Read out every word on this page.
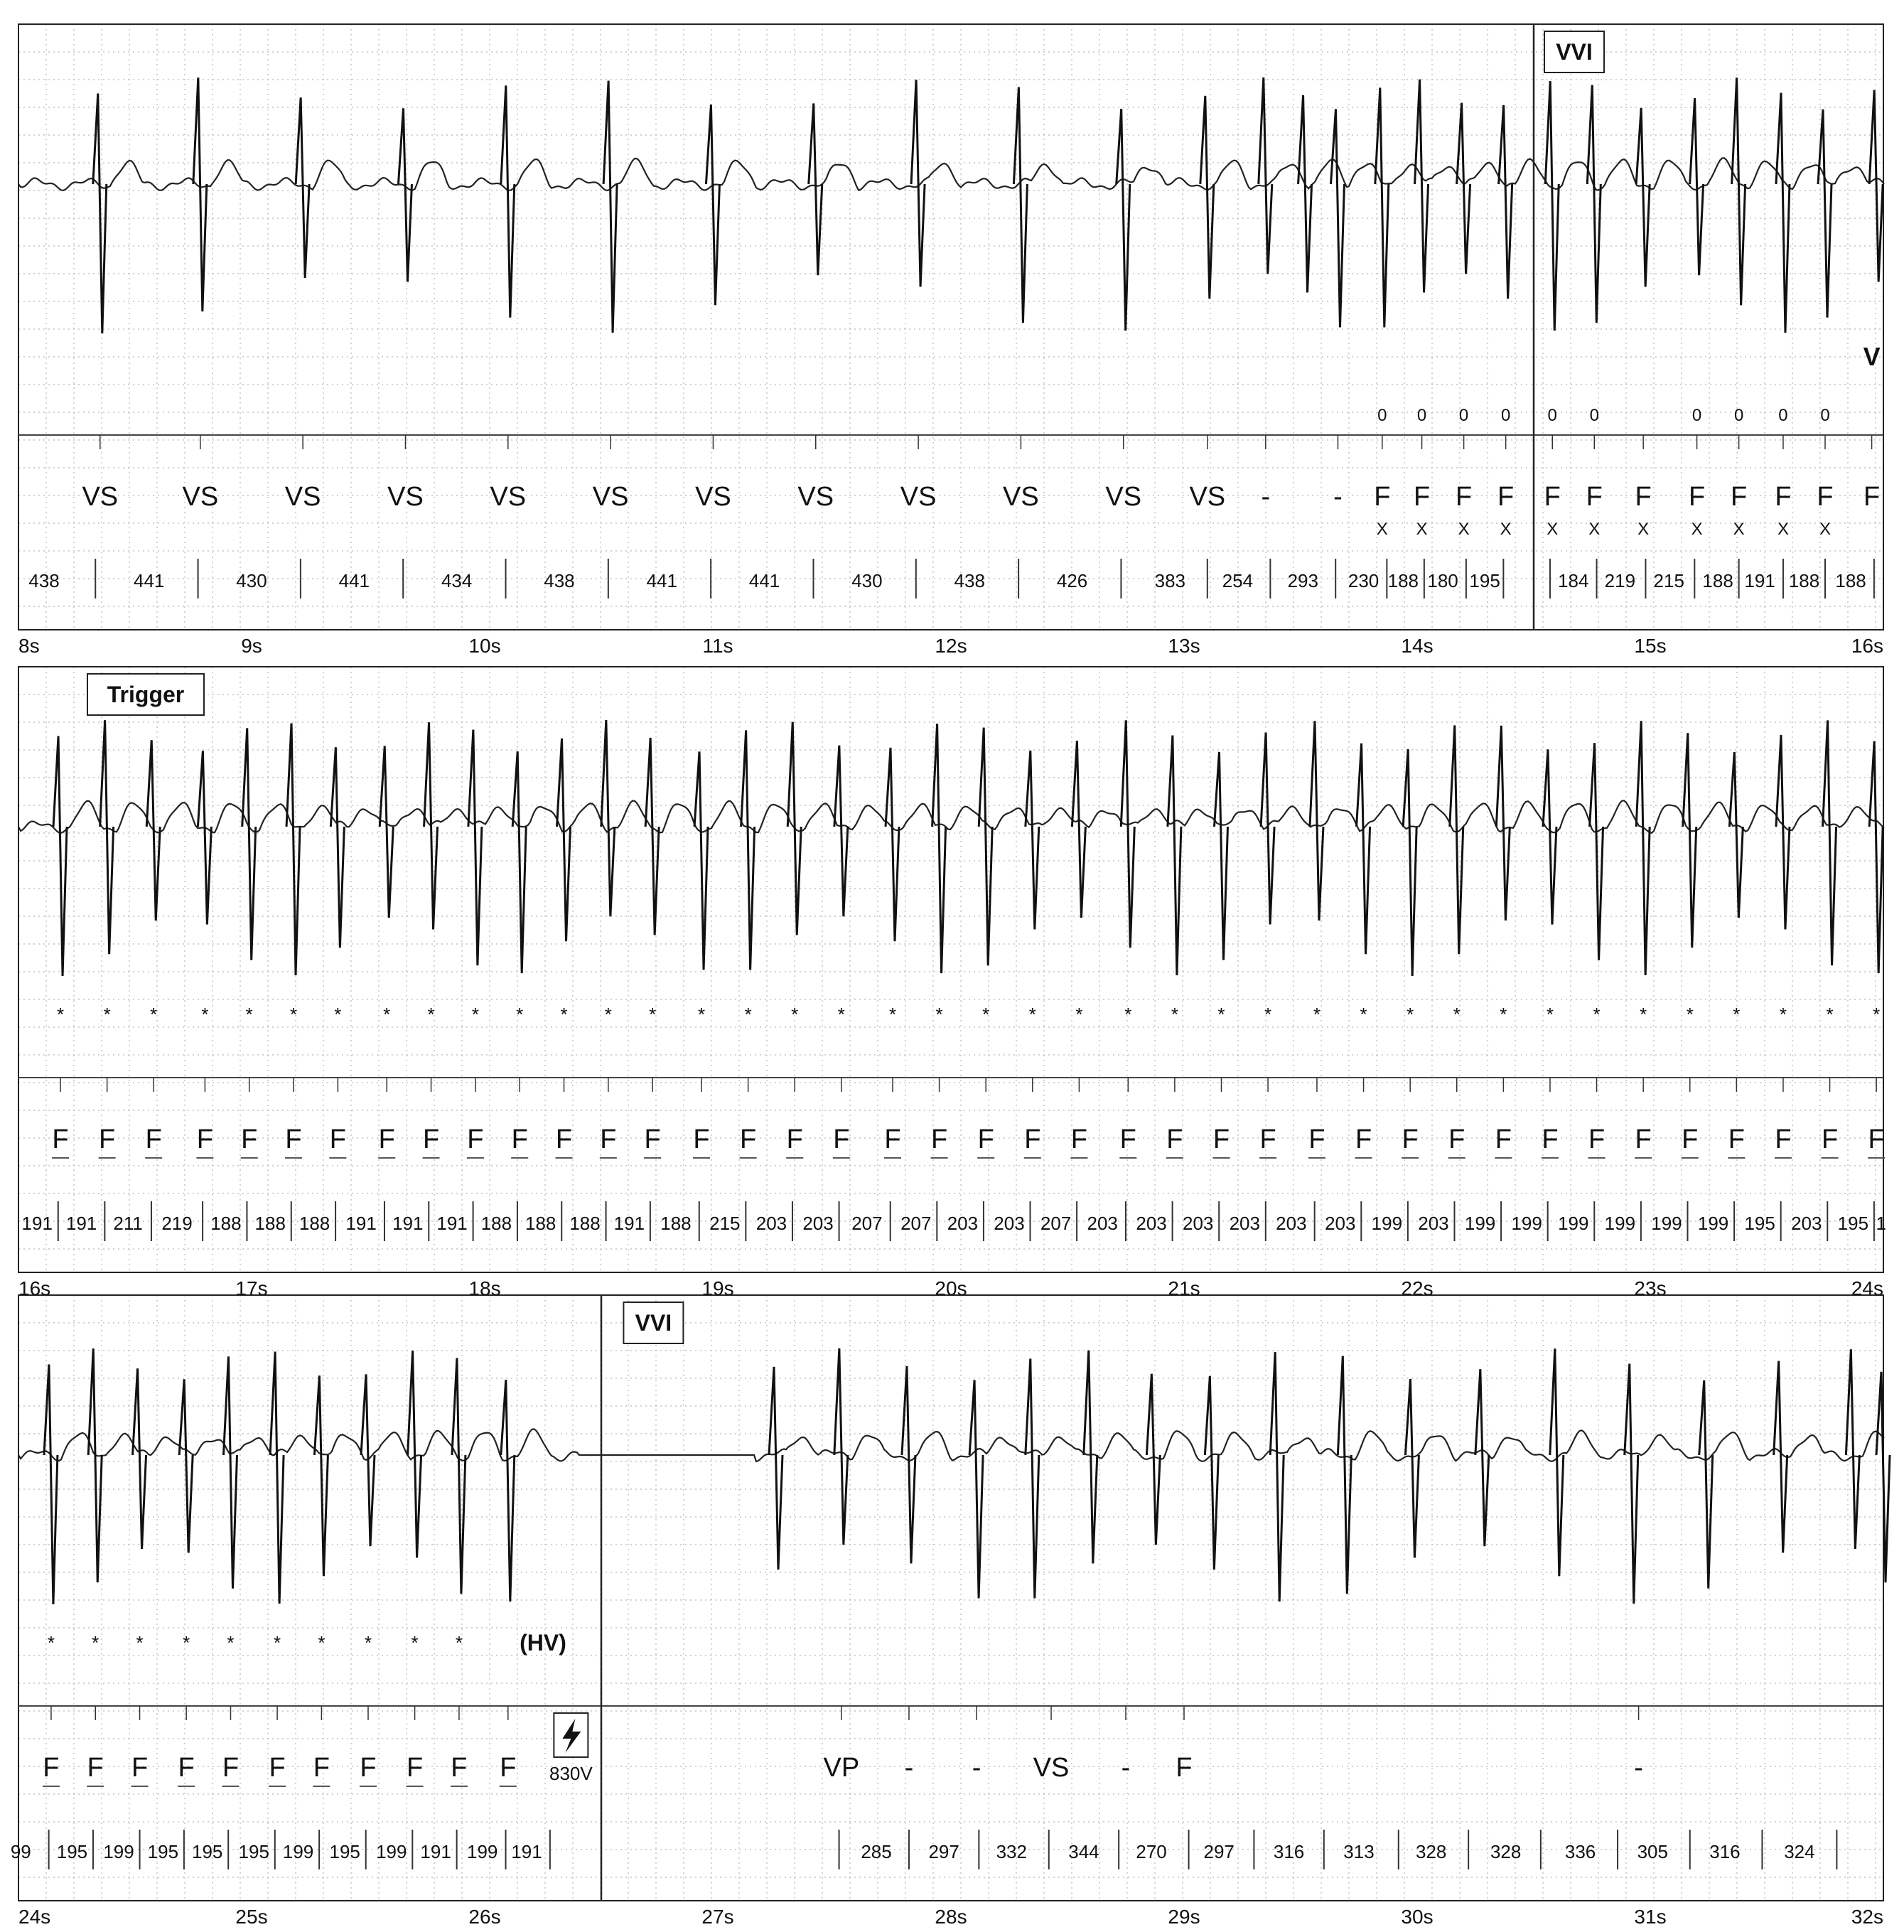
0 0 0 0 0 0	0 0 0 0
VS VS VS VS VS VS VS VS VS VS VS VS - - F
X
F
X
F
X
F
X
F
X
F
X
F
X
F
X
F
X
F
X
F
X
F
438	441	430	441	434	438	441	441	430	438	426	383 254 293 230 188 180 195	184 219 215 188 191 188 188
8s	9s	10s	11s	12s	13s	14s	15s	16s
VVI
V
* * * * * * * * * * * * * * * * * * * * * * * * * * * * * * * * * * * * * * * *
F F F F F F F F F F F F F F F F F F F F F F F F F F F F F F F F F F F F F F F F
191 191 211 219 188 188 188 191 191 191 188 188 188 191 188 215 203 203 207 207 203 203 207 203 203 203 203 203 203 199 203 199 199 199 199 199 199 195 203 195 1
16s	17s	18s	19s	20s	21s	22s	23s	24s
Trigger
* * * * * * * * * *
F F F F F F F F F F F	VP - - VS - F	-
99 195 199 195 195 195 199 195 199 191 199 191	285 297 332 344 270 297 316 313 328 328 336 305 316 324
24s	25s	26s	27s	28s	29s	30s	31s	32s
VVI
(HV)
830V
